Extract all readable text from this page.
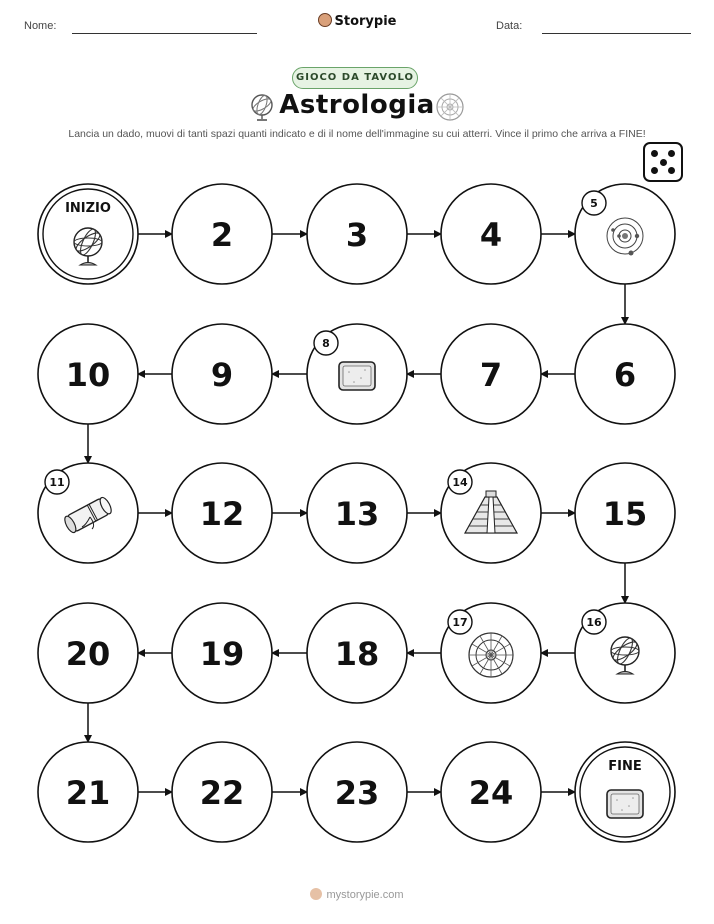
Nome:	Storypie	Data:
GIOCO DA TAVOLO
Astrologia
Lancia un dado, muovi di tanti spazi quanti indicato e di il nome dell'immagine su cui atterri. Vince il primo che arriva a FINE!
INIZIO
2	3	4
5
6
7
8
9
10
11
12	13
14
15
16
17
18
19
20
21	22	23	24
FINE
mystorypie.com
